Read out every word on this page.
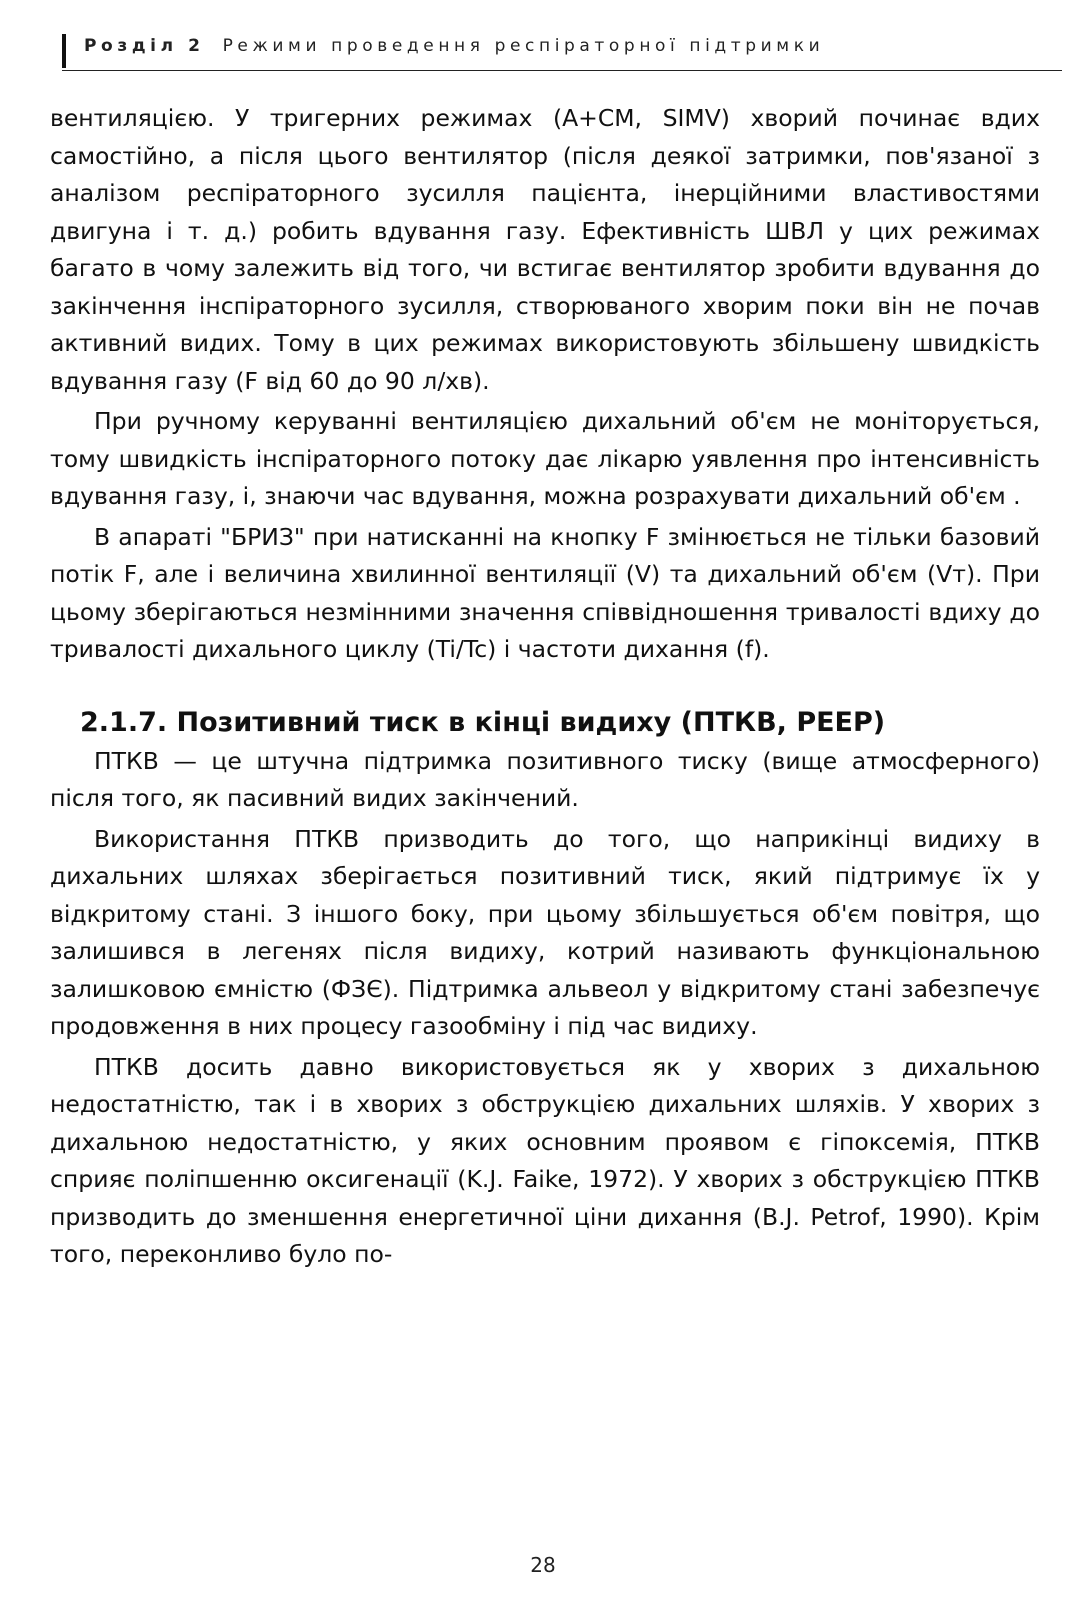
Розділ 2 Режими проведення респіраторної підтримки

вентиляцією. У тригерних режимах (А+СМ, SIMV) хворий починає вдих самостійно, а після цього вентилятор (після деякої затримки, пов'язаної з аналізом респіраторного зусилля пацієнта, інерційними властивостями двигуна і т. д.) робить вдування газу. Ефективність ШВЛ у цих режимах багато в чому залежить від того, чи встигає вентилятор зробити вдування до закінчення інспіраторного зусилля, створюваного хворим поки він не почав активний видих. Тому в цих режимах використовують збільшену швидкість вдування газу (F від 60 до 90 л/хв).

При ручному керуванні вентиляцією дихальний об'єм не моніторується, тому швидкість інспіраторного потоку дає лікарю уявлення про інтенсивність вдування газу, і, знаючи час вдування, можна розрахувати дихальний об'єм .

В апараті "БРИЗ" при натисканні на кнопку F змінюється не тільки базовий потік F, але і величина хвилинної вентиляції (V) та дихальний об'єм (Vт). При цьому зберігаються незмінними значення співвідношення тривалості вдиху до тривалості дихального циклу (Ti/Tc) і частоти дихання (f).

2.1.7. Позитивний тиск в кінці видиху (ПТКВ, PEEP)

ПТКВ — це штучна підтримка позитивного тиску (вище атмосферного) після того, як пасивний видих закінчений.

Використання ПТКВ призводить до того, що наприкінці видиху в дихальних шляхах зберігається позитивний тиск, який підтримує їх у відкритому стані. З іншого боку, при цьому збільшується об'єм повітря, що залишився в легенях після видиху, котрий називають функціональною залишковою ємністю (ФЗЄ). Підтримка альвеол у відкритому стані забезпечує продовження в них процесу газообміну і під час видиху.

ПТКВ досить давно використовується як у хворих з дихальною недостатністю, так і в хворих з обструкцією дихальних шляхів. У хворих з дихальною недостатністю, у яких основним проявом є гіпоксемія, ПТКВ сприяє поліпшенню оксигенації (K.J. Faike, 1972). У хворих з обструкцією ПТКВ призводить до зменшення енергетичної ціни дихання (B.J. Petrof, 1990). Крім того, переконливо було по-

28
